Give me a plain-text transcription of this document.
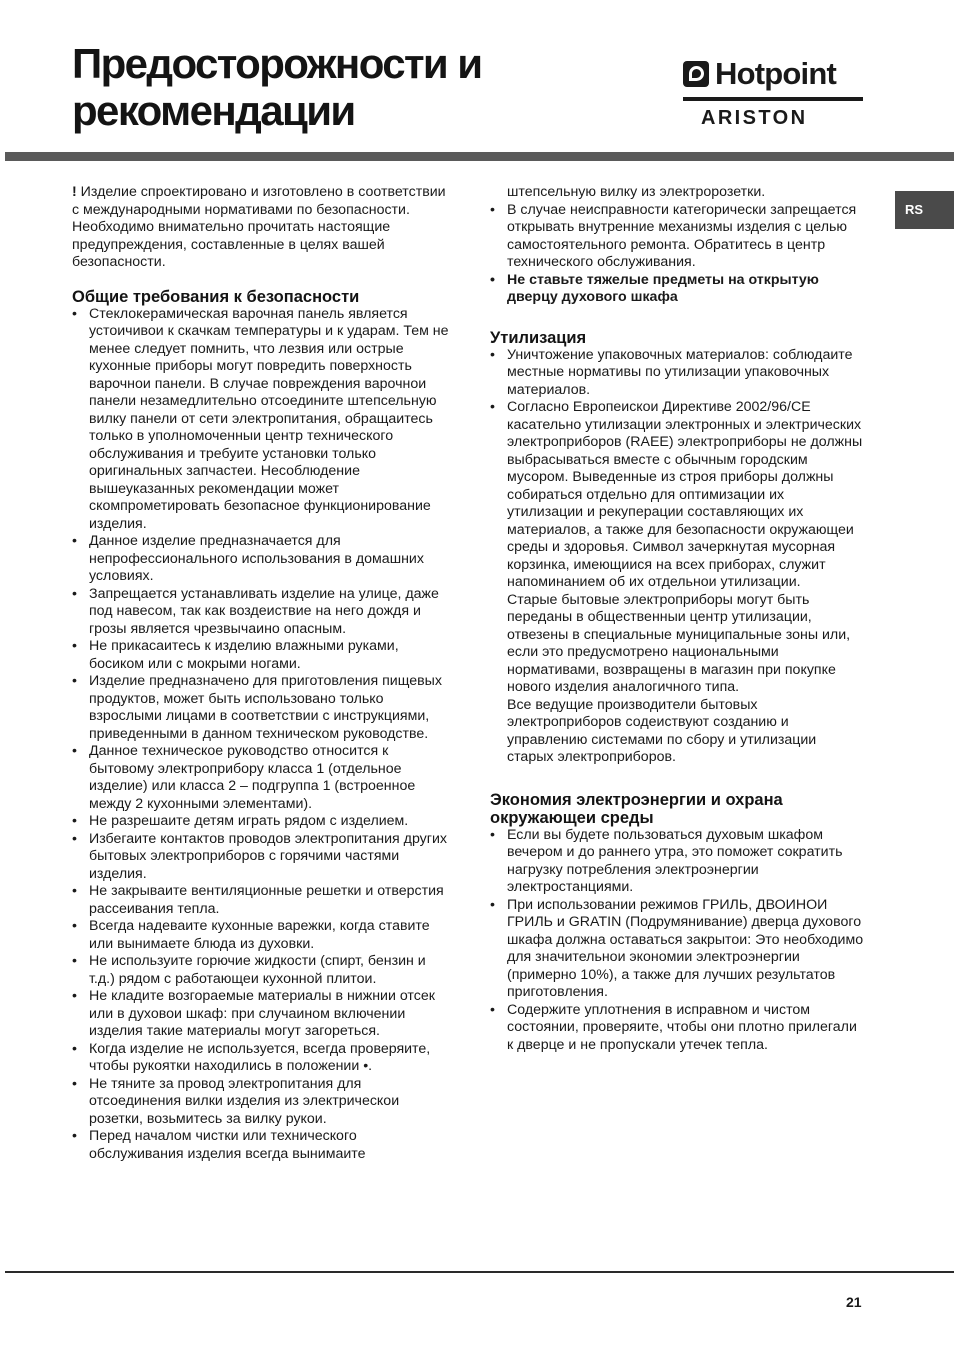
Предосторожности и
рекомендации
Hotpoint
ARISTON
RS

! Изделие спроектировано и изготовлено в соответствии с международными нормативами по безопасности.

Необходимо внимательно прочитать настоящие предупреждения, составленные в целях вашей безопасности.

Общие требования к безопасности
• Стеклокерамическая варочная панель является устоичивои к скачкам температуры и к ударам. Тем не менее следует помнить, что лезвия или острые кухонные приборы могут повредить поверхность варочнои панели. В случае повреждения варочнои панели незамедлительно отсоедините штепсельную вилку панели от сети электропитания, обращаитесь только в уполномоченныи центр технического обслуживания и требуите установки только оригинальных запчастеи. Несоблюдение вышеуказанных рекомендации может скомпрометировать безопасное функционирование изделия.
• Данное изделие предназначается для непрофессионального использования в домашних условиях.
• Запрещается устанавливать изделие на улице, даже под навесом, так как воздеиствие на него дождя и грозы является чрезвычаино опасным.
• Не прикасаитесь к изделию влажными руками, босиком или с мокрыми ногами.
• Изделие предназначено для приготовления пищевых продуктов, может быть использовано только взрослыми лицами в соответствии с инструкциями, приведенными в данном техническом руководстве.
• Данное техническое руководство относится к бытовому электроприбору класса 1 (отдельное изделие) или класса 2 – подгруппа 1 (встроенное между 2 кухонными элементами).
• Не разрешаите детям играть рядом с изделием.
• Избегаите контактов проводов электропитания других бытовых электроприборов с горячими частями изделия.
• Не закрываите вентиляционные решетки и отверстия рассеивания тепла.
• Всегда надеваите кухонные варежки, когда ставите или вынимаете блюда из духовки.
• Не используите горючие жидкости (спирт, бензин и т.д.) рядом с работающеи кухонной плитои.
• Не кладите возгораемые материалы в нижнии отсек или в духовои шкаф: при случаином включении изделия такие материалы могут загореться.
• Когда изделие не используется, всегда проверяите, чтобы рукоятки находились в положении •.
• Не тяните за провод электропитания для отсоединения вилки изделия из электрическои розетки, возьмитесь за вилку рукои.
• Перед началом чистки или технического обслуживания изделия всегда вынимаите
штепсельную вилку из электророзетки.
• В случае неисправности категорически запрещается открывать внутренние механизмы изделия с целью самостоятельного ремонта. Обратитесь в центр технического обслуживания.
• Не ставьте тяжелые предметы на открытую дверцу духового шкафа
Утилизация
• Уничтожение упаковочных материалов: соблюдаите местные нормативы по утилизации упаковочных материалов.
• Согласно Европеискои Директиве 2002/96/CE касательно утилизации электронных и электрических электроприборов (RAEE) электроприборы не должны выбрасываться вместе с обычным городским мусором. Выведенные из строя приборы должны собираться отдельно для оптимизации их утилизации и рекуперации составляющих их материалов, а также для безопасности окружающеи среды и здоровья. Символ зачеркнутая мусорная корзинка, имеющиися на всех приборах, служит напоминанием об их отдельнои утилизации.
Старые бытовые электроприборы могут быть переданы в общественныи центр утилизации, отвезены в специальные муниципальные зоны или, если это предусмотрено национальными нормативами, возвращены в магазин при покупке нового изделия аналогичного типа.
Все ведущие производители бытовых электроприборов содеиствуют созданию и управлению системами по сбору и утилизации старых электроприборов.
Экономия электроэнергии и охрана
окружающеи среды
• Если вы будете пользоваться духовым шкафом вечером и до раннего утра, это поможет сократить нагрузку потребления электроэнергии электростанциями.
• При использовании режимов ГРИЛЬ, ДВОИНОИ ГРИЛЬ и GRATIN (Подрумянивание) дверца духового шкафа должна оставаться закрытои: Это необходимо для значительнои экономии электроэнергии (примерно 10%), а также для лучших результатов приготовления.
• Содержите уплотнения в исправном и чистом состоянии, проверяите, чтобы они плотно прилегали к дверце и не пропускали утечек тепла.
21
